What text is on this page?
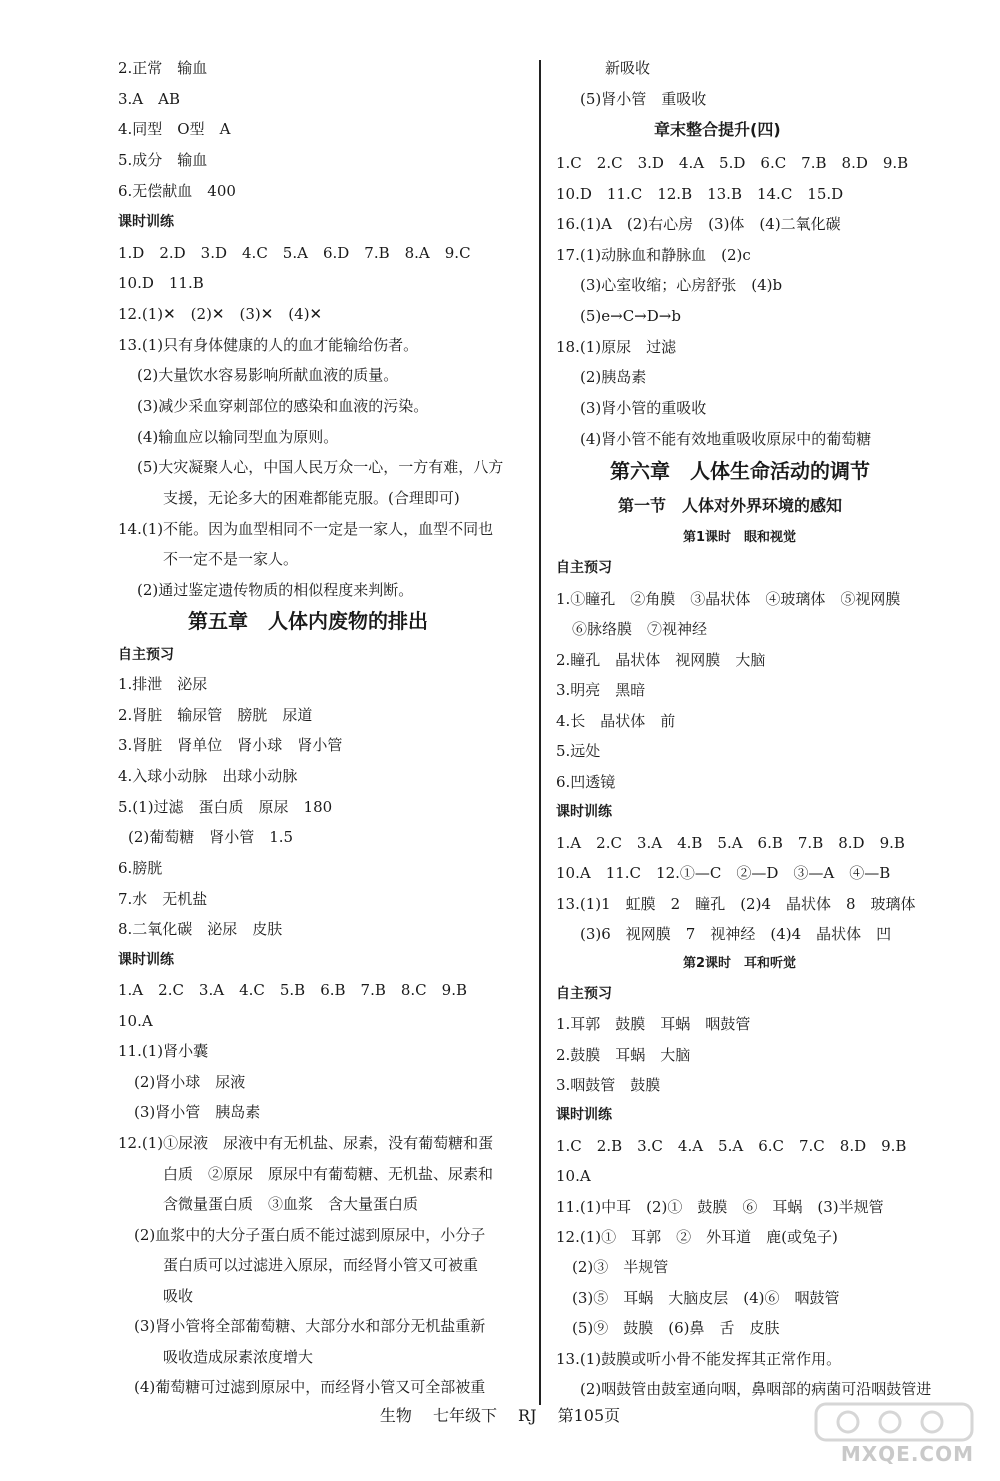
2.正常　输血
3.A　AB
4.同型　O型　A
5.成分　输血
6.无偿献血　400
课时训练
1.D　2.D　3.D　4.C　5.A　6.D　7.B　8.A　9.C
10.D　11.B
12.(1)✕　(2)✕　(3)✕　(4)✕
13.(1)只有身体健康的人的血才能输给伤者。
(2)大量饮水容易影响所献血液的质量。
(3)减少采血穿刺部位的感染和血液的污染。
(4)输血应以输同型血为原则。
(5)大灾凝聚人心，中国人民万众一心，一方有难，八方
支援，无论多大的困难都能克服。(合理即可)
14.(1)不能。因为血型相同不一定是一家人，血型不同也
不一定不是一家人。
(2)通过鉴定遗传物质的相似程度来判断。
第五章　人体内废物的排出
自主预习
1.排泄　泌尿
2.肾脏　输尿管　膀胱　尿道
3.肾脏　肾单位　肾小球　肾小管
4.入球小动脉　出球小动脉
5.(1)过滤　蛋白质　原尿　180
(2)葡萄糖　肾小管　1.5
6.膀胱
7.水　无机盐
8.二氧化碳　泌尿　皮肤
课时训练
1.A　2.C　3.A　4.C　5.B　6.B　7.B　8.C　9.B
10.A
11.(1)肾小囊
(2)肾小球　尿液
(3)肾小管　胰岛素
12.(1)①尿液　尿液中有无机盐、尿素，没有葡萄糖和蛋
白质　②原尿　原尿中有葡萄糖、无机盐、尿素和
含微量蛋白质　③血浆　含大量蛋白质
(2)血浆中的大分子蛋白质不能过滤到原尿中，小分子
蛋白质可以过滤进入原尿，而经肾小管又可被重
吸收
(3)肾小管将全部葡萄糖、大部分水和部分无机盐重新
吸收造成尿素浓度增大
(4)葡萄糖可过滤到原尿中，而经肾小管又可全部被重
新吸收
(5)肾小管　重吸收
章末整合提升(四)
1.C　2.C　3.D　4.A　5.D　6.C　7.B　8.D　9.B
10.D　11.C　12.B　13.B　14.C　15.D
16.(1)A　(2)右心房　(3)体　(4)二氧化碳
17.(1)动脉血和静脉血　(2)c
(3)心室收缩；心房舒张　(4)b
(5)e→C→D→b
18.(1)原尿　过滤
(2)胰岛素
(3)肾小管的重吸收
(4)肾小管不能有效地重吸收原尿中的葡萄糖
第六章　人体生命活动的调节
第一节　人体对外界环境的感知
第1课时　眼和视觉
自主预习
1.①瞳孔　②角膜　③晶状体　④玻璃体　⑤视网膜
⑥脉络膜　⑦视神经
2.瞳孔　晶状体　视网膜　大脑
3.明亮　黑暗
4.长　晶状体　前
5.远处
6.凹透镜
课时训练
1.A　2.C　3.A　4.B　5.A　6.B　7.B　8.D　9.B
10.A　11.C　12.①—C　②—D　③—A　④—B
13.(1)1　虹膜　2　瞳孔　(2)4　晶状体　8　玻璃体
(3)6　视网膜　7　视神经　(4)4　晶状体　凹
第2课时　耳和听觉
自主预习
1.耳郭　鼓膜　耳蜗　咽鼓管
2.鼓膜　耳蜗　大脑
3.咽鼓管　鼓膜
课时训练
1.C　2.B　3.C　4.A　5.A　6.C　7.C　8.D　9.B
10.A
11.(1)中耳　(2)①　鼓膜　⑥　耳蜗　(3)半规管
12.(1)①　耳郭　②　外耳道　鹿(或兔子)
(2)③　半规管
(3)⑤　耳蜗　大脑皮层　(4)⑥　咽鼓管
(5)⑨　鼓膜　(6)鼻　舌　皮肤
13.(1)鼓膜或听小骨不能发挥其正常作用。
(2)咽鼓管由鼓室通向咽，鼻咽部的病菌可沿咽鼓管进
生物 七年级下 RJ 第105页
MXQE.COM
